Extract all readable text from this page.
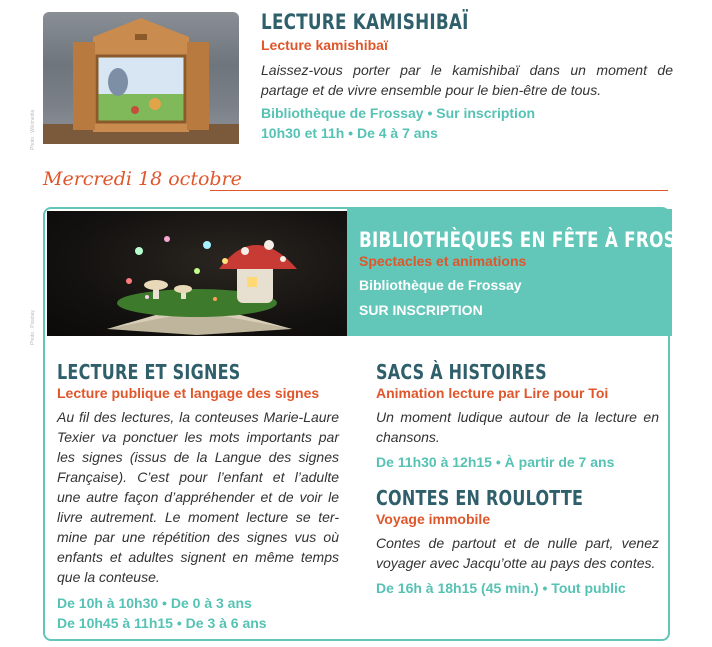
Photo : Wikimedia
LECTURE KAMISHIBAÏ
Lecture kamishibaï
Laissez-vous porter par le kamishibaï dans un moment de
partage et de vivre ensemble pour le bien-être de tous.
Bibliothèque de Frossay • Sur inscription
10h30 et 11h • De 4 à 7 ans
Mercredi 18 octobre
Photo : Pixabay
BIBLIOTHÈQUES EN FÊTE À FROSSAY
Spectacles et animations
Bibliothèque de Frossay
SUR INSCRIPTION
LECTURE ET SIGNES
Lecture publique et langage des signes
Au fil des lectures, la conteuses Marie-Laure
Texier va ponctuer les mots importants par
les signes (issus de la Langue des signes
Française). C’est pour l’enfant et l’adulte
une autre façon d’appréhender et de voir le
livre autrement. Le moment lecture se ter-
mine par une répétition des signes vus où
enfants et adultes signent en même temps
que la conteuse.
De 10h à 10h30 • De 0 à 3 ans
De 10h45 à 11h15 • De 3 à 6 ans
SACS À HISTOIRES
Animation lecture par Lire pour Toi
Un moment ludique autour de la lecture en
chansons.
De 11h30 à 12h15 • À partir de 7 ans
CONTES EN ROULOTTE
Voyage immobile
Contes de partout et de nulle part, venez
voyager avec Jacqu’otte au pays des contes.
De 16h à 18h15 (45 min.) • Tout public
